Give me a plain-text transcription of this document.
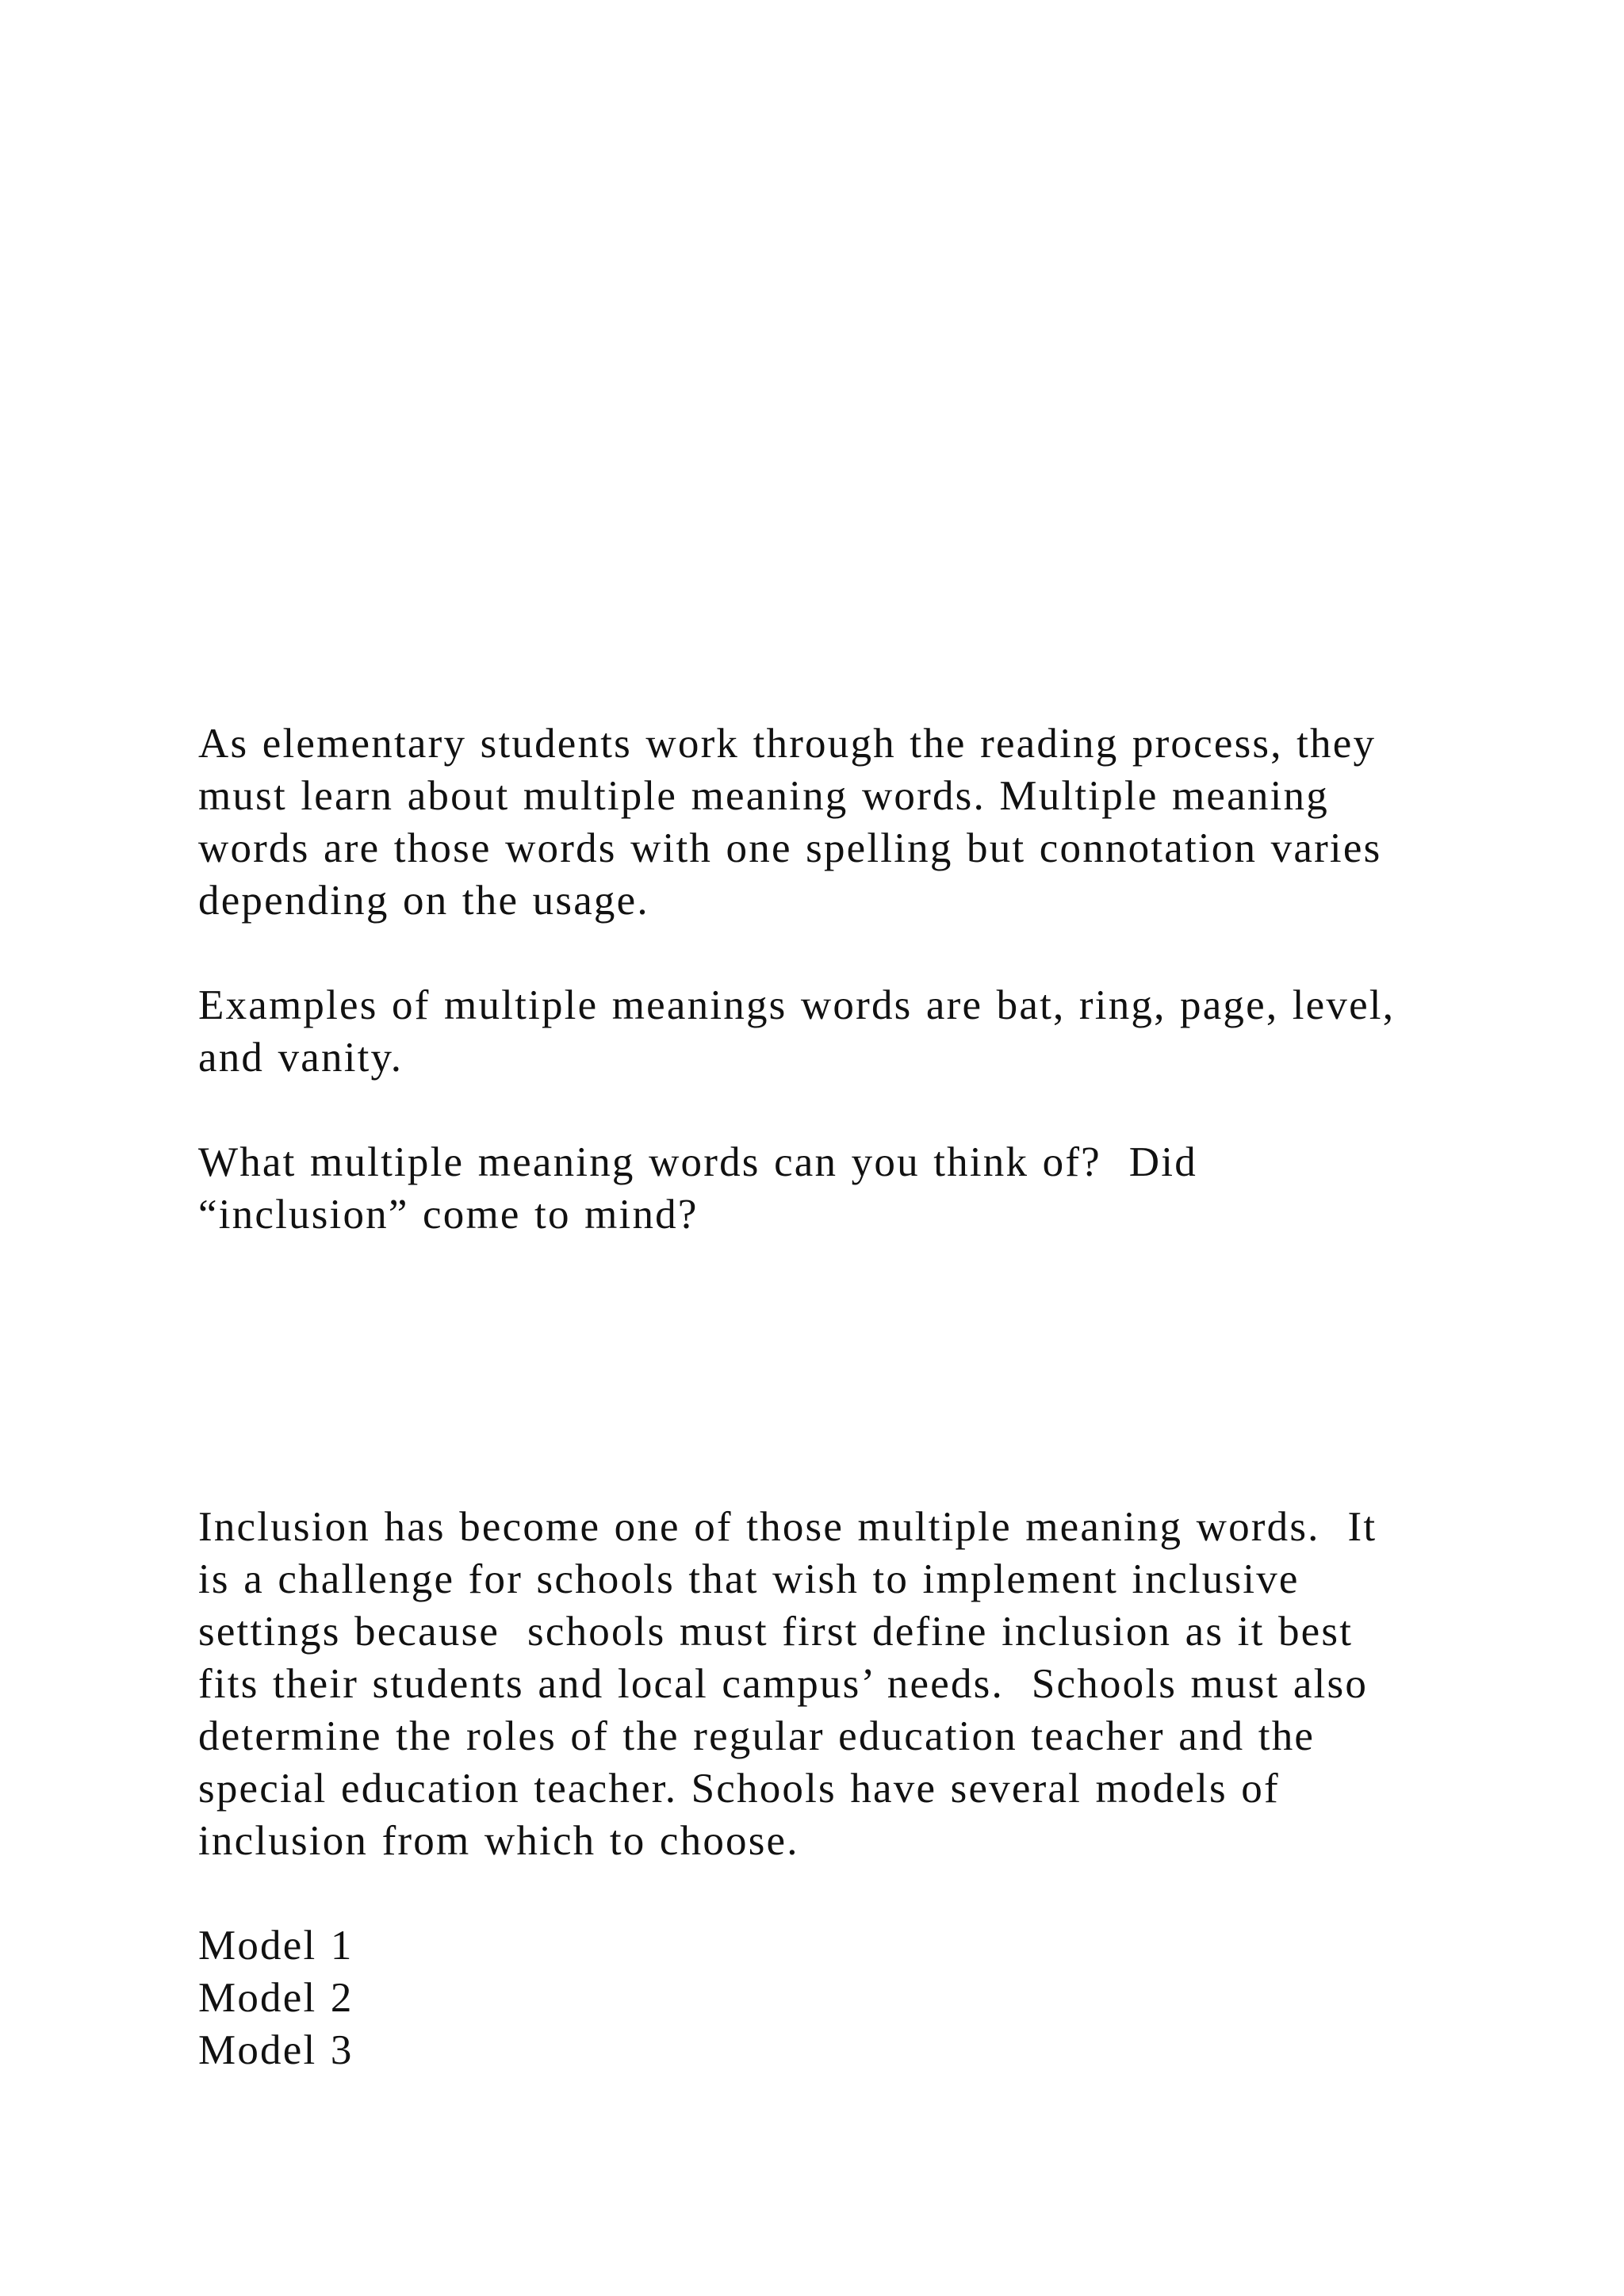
As elementary students work through the reading process, they
must learn about multiple meaning words. Multiple meaning
words are those words with one spelling but connotation varies
depending on the usage.
Examples of multiple meanings words are bat, ring, page, level,
and vanity.
What multiple meaning words can you think of?  Did
“inclusion” come to mind?
Inclusion has become one of those multiple meaning words.  It
is a challenge for schools that wish to implement inclusive
settings because  schools must first define inclusion as it best
fits their students and local campus’ needs.  Schools must also
determine the roles of the regular education teacher and the
special education teacher. Schools have several models of
inclusion from which to choose.
Model 1
Model 2
Model 3
